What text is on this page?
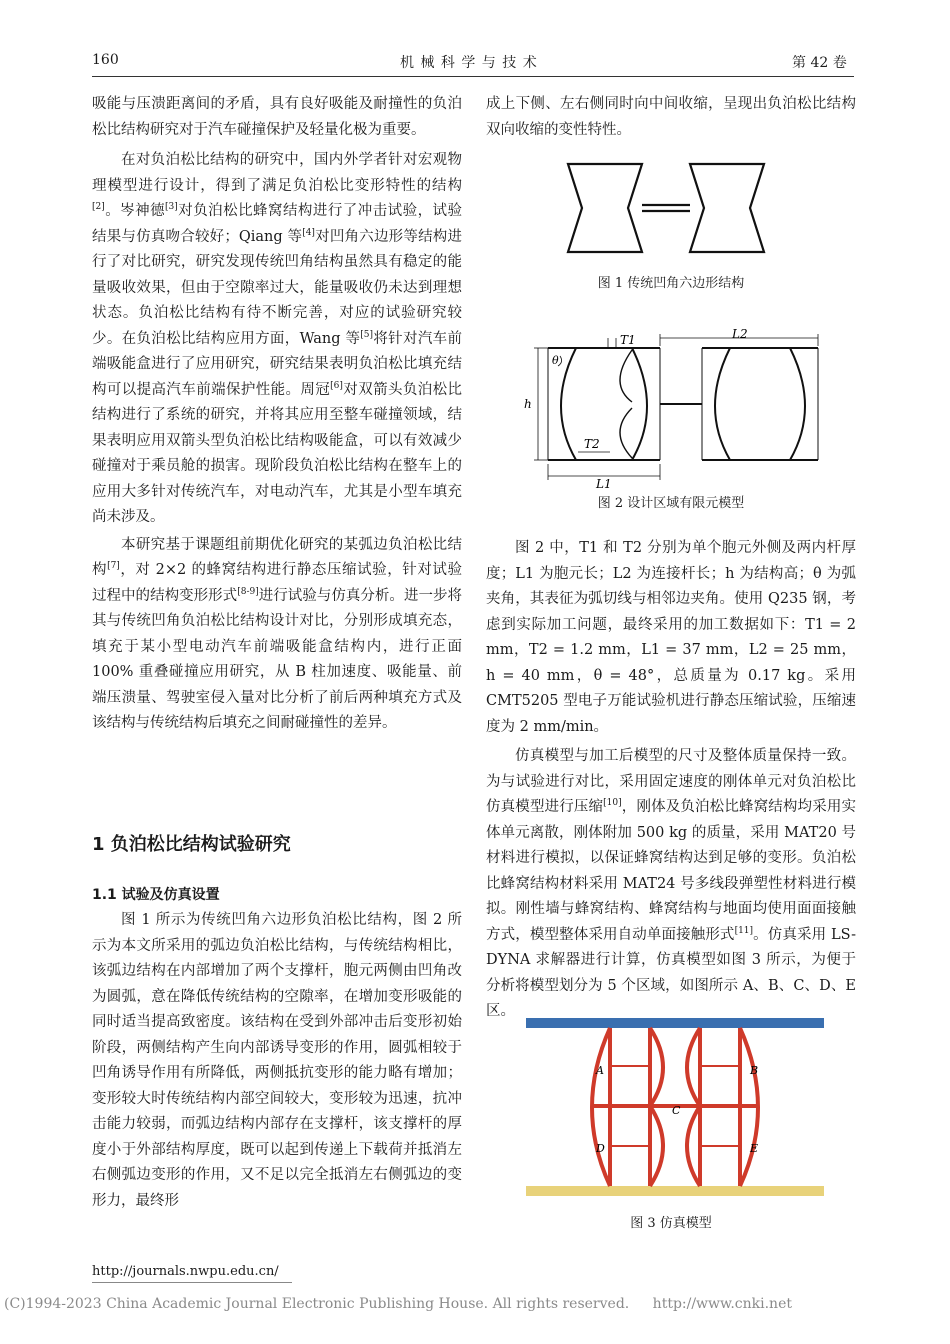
160	机 械 科 学 与 技 术	第 42 卷

吸能与压溃距离间的矛盾，具有良好吸能及耐撞性的负泊松比结构研究对于汽车碰撞保护及轻量化极为重要。

在对负泊松比结构的研究中，国内外学者针对宏观物理模型进行设计，得到了满足负泊松比变形特性的结构[2]。岑神德[3]对负泊松比蜂窝结构进行了冲击试验，试验结果与仿真吻合较好；Qiang 等[4]对凹角六边形等结构进行了对比研究，研究发现传统凹角结构虽然具有稳定的能量吸收效果，但由于空隙率过大，能量吸收仍未达到理想状态。负泊松比结构有待不断完善，对应的试验研究较少。在负泊松比结构应用方面，Wang 等[5]将针对汽车前端吸能盒进行了应用研究，研究结果表明负泊松比填充结构可以提高汽车前端保护性能。周冠[6]对双箭头负泊松比结构进行了系统的研究，并将其应用至整车碰撞领域，结果表明应用双箭头型负泊松比结构吸能盒，可以有效减少碰撞对于乘员舱的损害。现阶段负泊松比结构在整车上的应用大多针对传统汽车，对电动汽车，尤其是小型车填充尚未涉及。

本研究基于课题组前期优化研究的某弧边负泊松比结构[7]，对 2×2 的蜂窝结构进行静态压缩试验，针对试验过程中的结构变形形式[8-9]进行试验与仿真分析。进一步将其与传统凹角负泊松比结构设计对比，分别形成填充态，填充于某小型电动汽车前端吸能盒结构内，进行正面 100% 重叠碰撞应用研究，从 B 柱加速度、吸能量、前端压溃量、驾驶室侵入量对比分析了前后两种填充方式及该结构与传统结构后填充之间耐碰撞性的差异。

1 负泊松比结构试验研究
1.1 试验及仿真设置

图 1 所示为传统凹角六边形负泊松比结构，图 2 所示为本文所采用的弧边负泊松比结构，与传统结构相比，该弧边结构在内部增加了两个支撑杆，胞元两侧由凹角改为圆弧，意在降低传统结构的空隙率，在增加变形吸能的同时适当提高致密度。该结构在受到外部冲击后变形初始阶段，两侧结构产生向内部诱导变形的作用，圆弧相较于凹角诱导作用有所降低，两侧抵抗变形的能力略有增加；变形较大时传统结构内部空间较大，变形较为迅速，抗冲击能力较弱，而弧边结构内部存在支撑杆，该支撑杆的厚度小于外部结构厚度，既可以起到传递上下载荷并抵消左右侧弧边变形的作用，又不足以完全抵消左右侧弧边的变形力，最终形

成上下侧、左右侧同时向中间收缩，呈现出负泊松比结构双向收缩的变性特性。

图 1 传统凹角六边形结构
h
L1
L2
T1
T2
θ
图 2 设计区域有限元模型

图 2 中，T1 和 T2 分别为单个胞元外侧及两内杆厚度；L1 为胞元长；L2 为连接杆长；h 为结构高；θ 为弧夹角，其表征为弧切线与相邻边夹角。使用 Q235 钢，考虑到实际加工问题，最终采用的加工数据如下：T1 = 2 mm，T2 = 1.2 mm，L1 = 37 mm，L2 = 25 mm，h = 40 mm，θ = 48°，总质量为 0.17 kg。采用 CMT5205 型电子万能试验机进行静态压缩试验，压缩速度为 2 mm/min。

仿真模型与加工后模型的尺寸及整体质量保持一致。为与试验进行对比，采用固定速度的刚体单元对负泊松比仿真模型进行压缩[10]，刚体及负泊松比蜂窝结构均采用实体单元离散，刚体附加 500 kg 的质量，采用 MAT20 号材料进行模拟，以保证蜂窝结构达到足够的变形。负泊松比蜂窝结构材料采用 MAT24 号多线段弹塑性材料进行模拟。刚性墙与蜂窝结构、蜂窝结构与地面均使用面面接触方式，模型整体采用自动单面接触形式[11]。仿真采用 LS-DYNA 求解器进行计算，仿真模型如图 3 所示，为便于分析将模型划分为 5 个区域，如图所示 A、B、C、D、E 区。

A	B
C
D	E
图 3 仿真模型
http://journals.nwpu.edu.cn/
(C)1994-2023 China Academic Journal Electronic Publishing House. All rights reserved. http://www.cnki.net
